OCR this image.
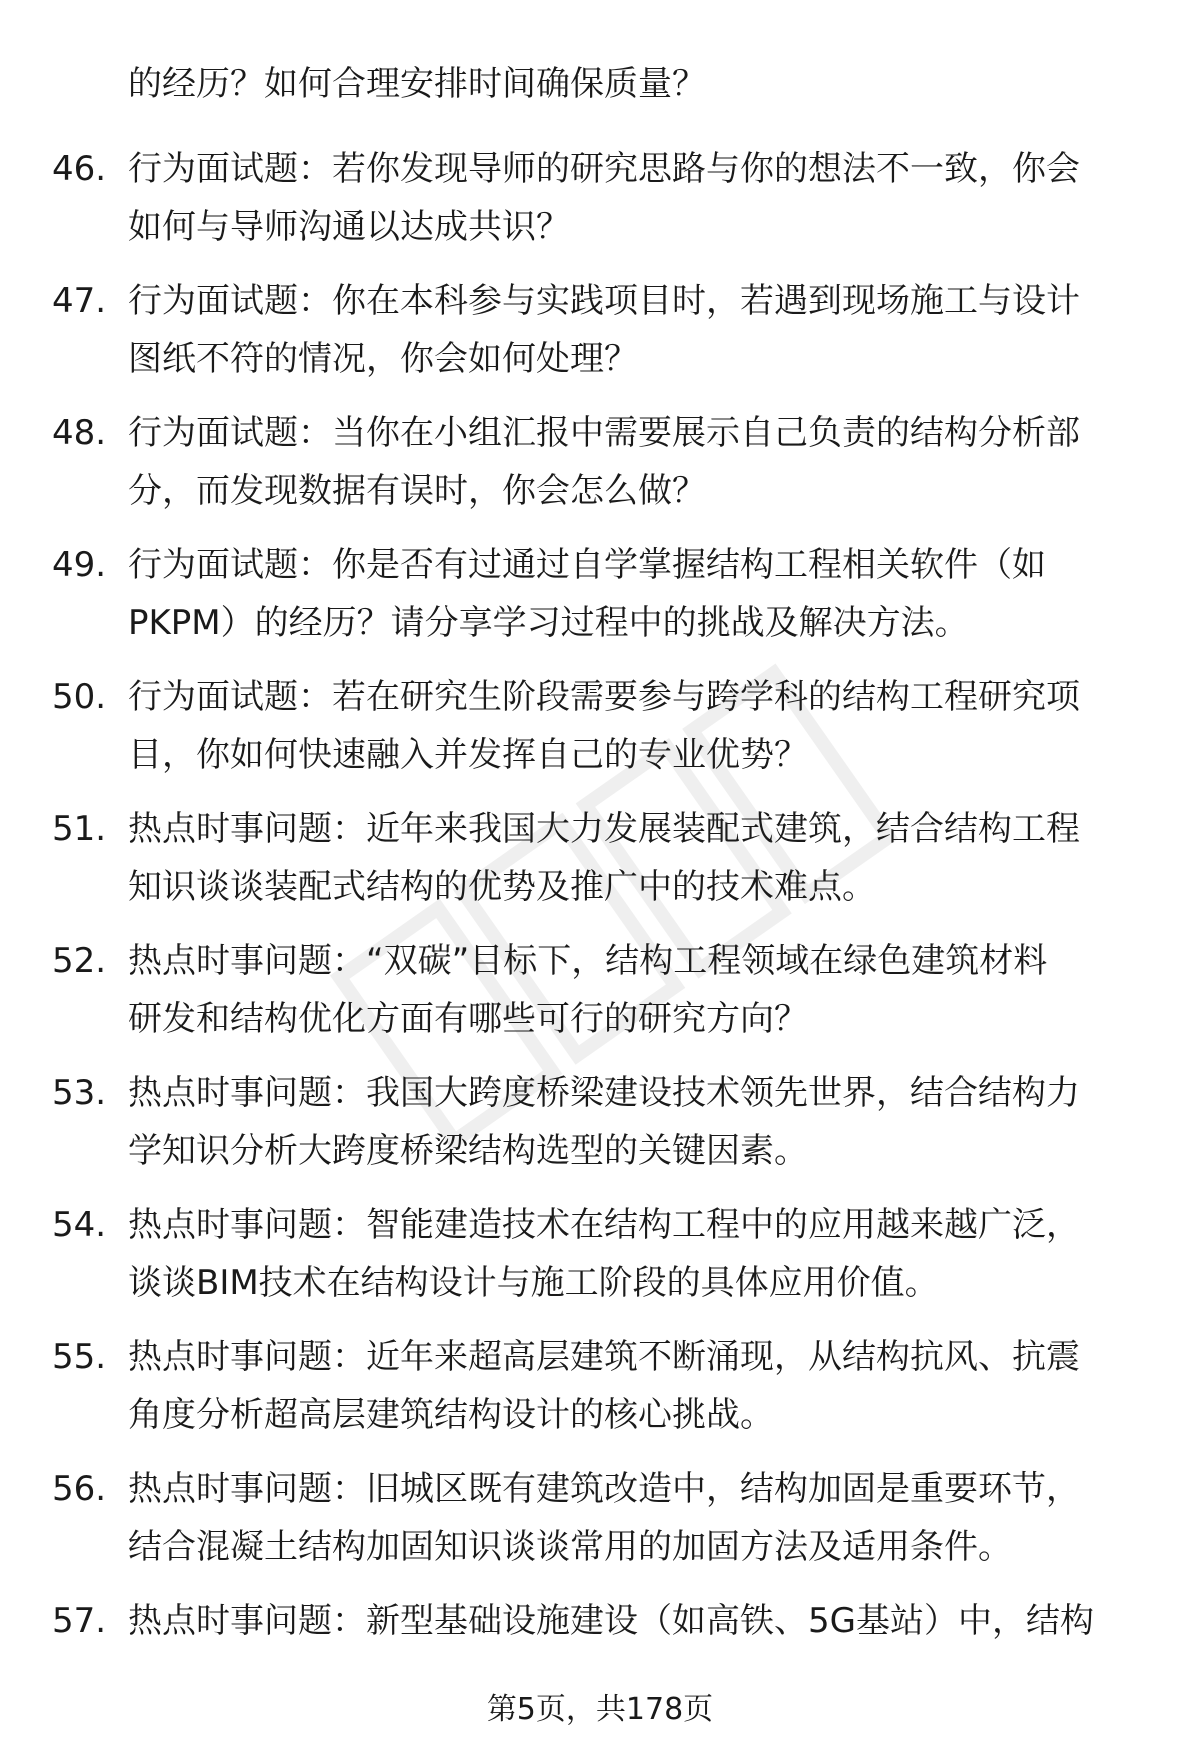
的经历？如何合理安排时间确保质量？
46. 行为面试题：若你发现导师的研究思路与你的想法不一致，你会
如何与导师沟通以达成共识？
47. 行为面试题：你在本科参与实践项目时，若遇到现场施工与设计
图纸不符的情况，你会如何处理？
48. 行为面试题：当你在小组汇报中需要展示自己负责的结构分析部
分，而发现数据有误时，你会怎么做？
49. 行为面试题：你是否有过通过自学掌握结构工程相关软件（如
PKPM）的经历？请分享学习过程中的挑战及解决方法。
50. 行为面试题：若在研究生阶段需要参与跨学科的结构工程研究项
目，你如何快速融入并发挥自己的专业优势？
51. 热点时事问题：近年来我国大力发展装配式建筑，结合结构工程
知识谈谈装配式结构的优势及推广中的技术难点。
52. 热点时事问题：“双碳”目标下，结构工程领域在绿色建筑材料
研发和结构优化方面有哪些可行的研究方向？
53. 热点时事问题：我国大跨度桥梁建设技术领先世界，结合结构力
学知识分析大跨度桥梁结构选型的关键因素。
54. 热点时事问题：智能建造技术在结构工程中的应用越来越广泛，
谈谈BIM技术在结构设计与施工阶段的具体应用价值。
55. 热点时事问题：近年来超高层建筑不断涌现，从结构抗风、抗震
角度分析超高层建筑结构设计的核心挑战。
56. 热点时事问题：旧城区既有建筑改造中，结构加固是重要环节，
结合混凝土结构加固知识谈谈常用的加固方法及适用条件。
57. 热点时事问题：新型基础设施建设（如高铁、5G基站）中，结构
第5页，共178页
